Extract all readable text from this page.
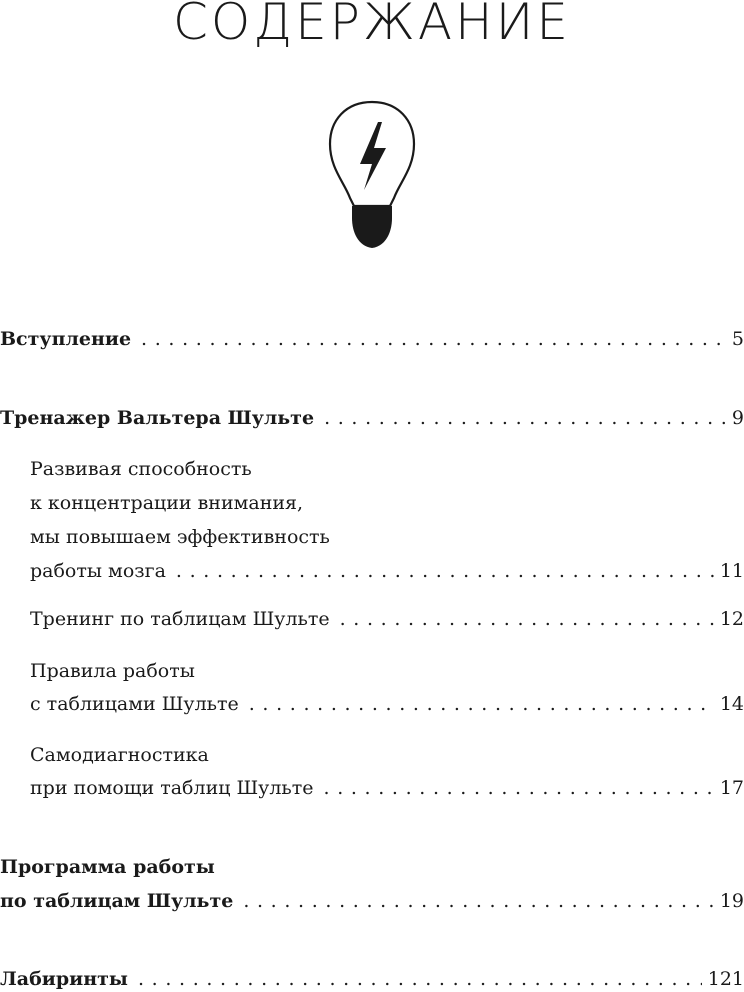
СОДЕРЖАНИЕ
Вступление . . .	5
Тренажер Вальтера Шульте . . .	9
Развивая способность
к концентрации внимания,
мы повышаем эффективность
работы мозга . . .	11
Тренинг по таблицам Шульте . . .	12
Правила работы
с таблицами Шульте . . .	14
Самодиагностика
при помощи таблиц Шульте . . .	17
Программа работы
по таблицам Шульте . . .	19
Лабиринты . . .	121
